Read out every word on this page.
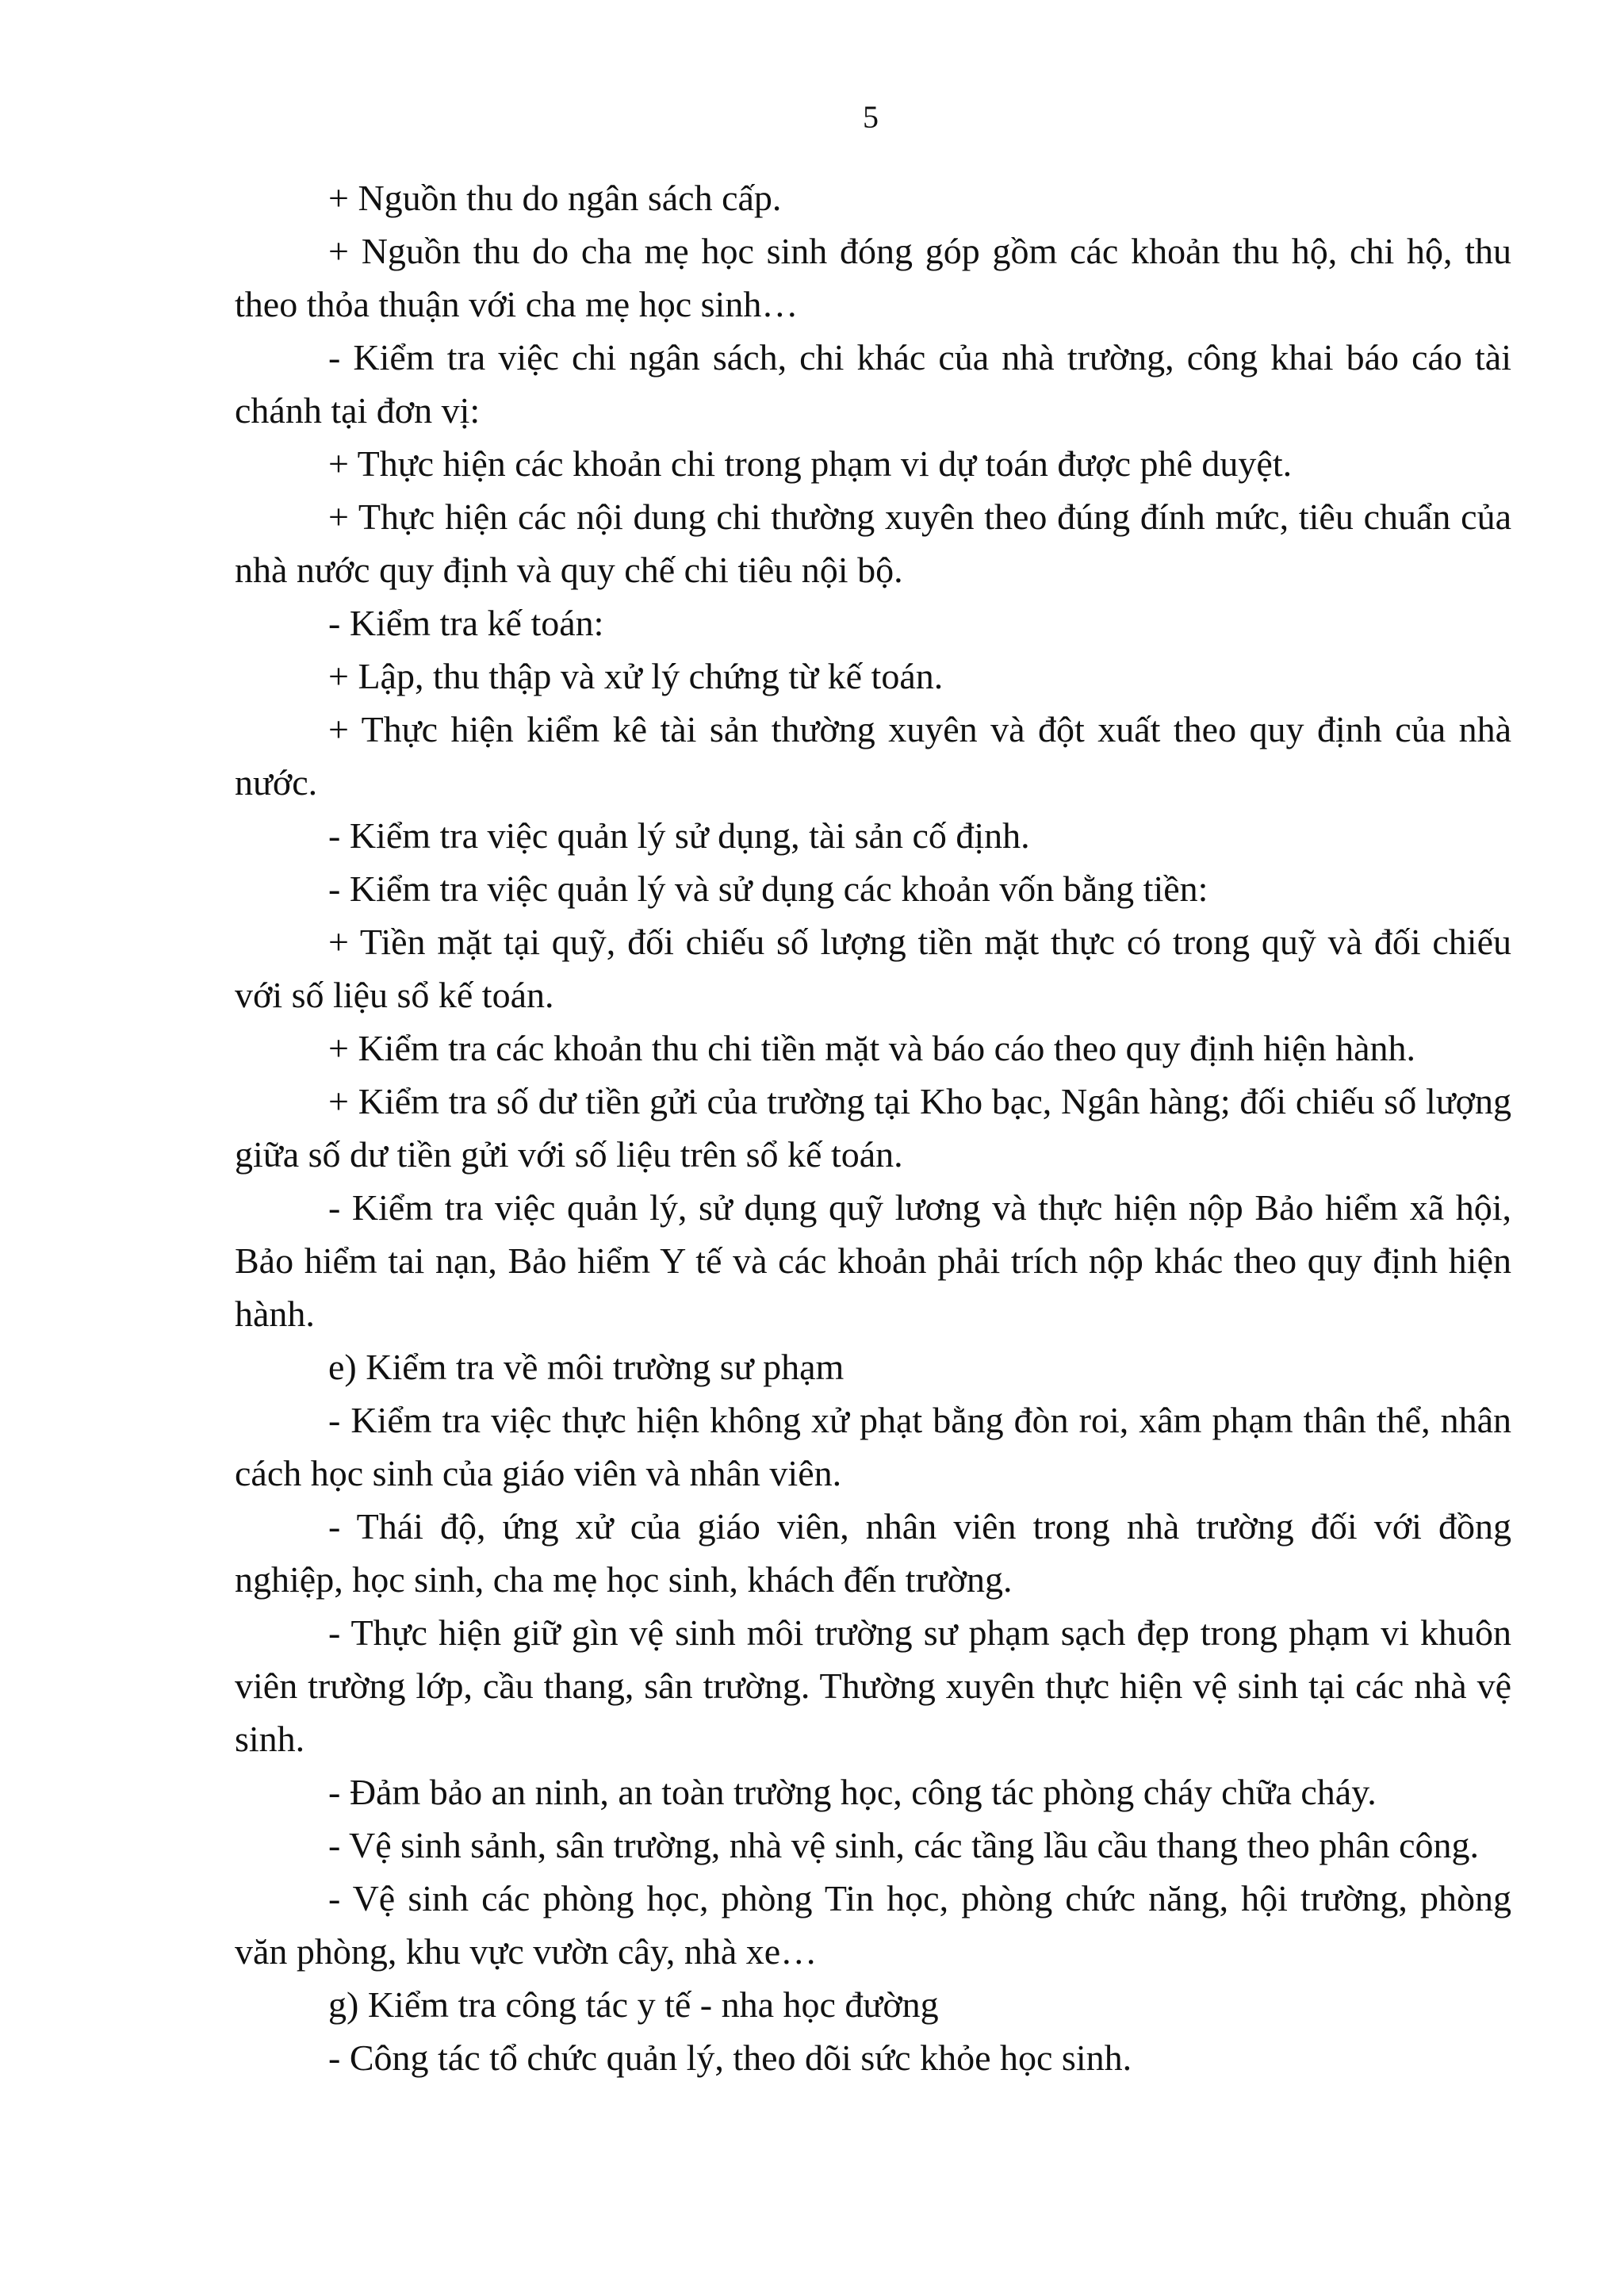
5

+ Nguồn thu do ngân sách cấp.

+ Nguồn thu do cha mẹ học sinh đóng góp gồm các khoản thu hộ, chi hộ, thu theo thỏa thuận với cha mẹ học sinh…

- Kiểm tra việc chi ngân sách, chi khác của nhà trường, công khai báo cáo tài chánh tại đơn vị:

+ Thực hiện các khoản chi trong phạm vi dự toán được phê duyệt.

+ Thực hiện các nội dung chi thường xuyên theo đúng đính mức, tiêu chuẩn của nhà nước quy định và quy chế chi tiêu nội bộ.

- Kiểm tra kế toán:

+ Lập, thu thập và xử lý chứng từ kế toán.

+ Thực hiện kiểm kê tài sản thường xuyên và đột xuất theo quy định của nhà nước.

- Kiểm tra việc quản lý sử dụng, tài sản cố định.

- Kiểm tra việc quản lý và sử dụng các khoản vốn bằng tiền:

+ Tiền mặt tại quỹ, đối chiếu số lượng tiền mặt thực có trong quỹ và đối chiếu với số liệu sổ kế toán.

+ Kiểm tra các khoản thu chi tiền mặt và báo cáo theo quy định hiện hành.

+ Kiểm tra số dư tiền gửi của trường tại Kho bạc, Ngân hàng; đối chiếu số lượng giữa số dư tiền gửi với số liệu trên sổ kế toán.

- Kiểm tra việc quản lý, sử dụng quỹ lương và thực hiện nộp Bảo hiểm xã hội, Bảo hiểm tai nạn, Bảo hiểm Y tế và các khoản phải trích nộp khác theo quy định hiện hành.

e) Kiểm tra về môi trường sư phạm

- Kiểm tra việc thực hiện không xử phạt bằng đòn roi, xâm phạm thân thể, nhân cách học sinh của giáo viên và nhân viên.

- Thái độ, ứng xử của giáo viên, nhân viên trong nhà trường đối với đồng nghiệp, học sinh, cha mẹ học sinh, khách đến trường.

- Thực hiện giữ gìn vệ sinh môi trường sư phạm sạch đẹp trong phạm vi khuôn viên trường lớp, cầu thang, sân trường. Thường xuyên thực hiện vệ sinh tại các nhà vệ sinh.

- Đảm bảo an ninh, an toàn trường học, công tác phòng cháy chữa cháy.

- Vệ sinh sảnh, sân trường, nhà vệ sinh, các tầng lầu cầu thang theo phân công.

- Vệ sinh các phòng học, phòng Tin học, phòng chức năng, hội trường, phòng văn phòng, khu vực vườn cây, nhà xe…

g) Kiểm tra công tác y tế - nha học đường

- Công tác tổ chức quản lý, theo dõi sức khỏe học sinh.
